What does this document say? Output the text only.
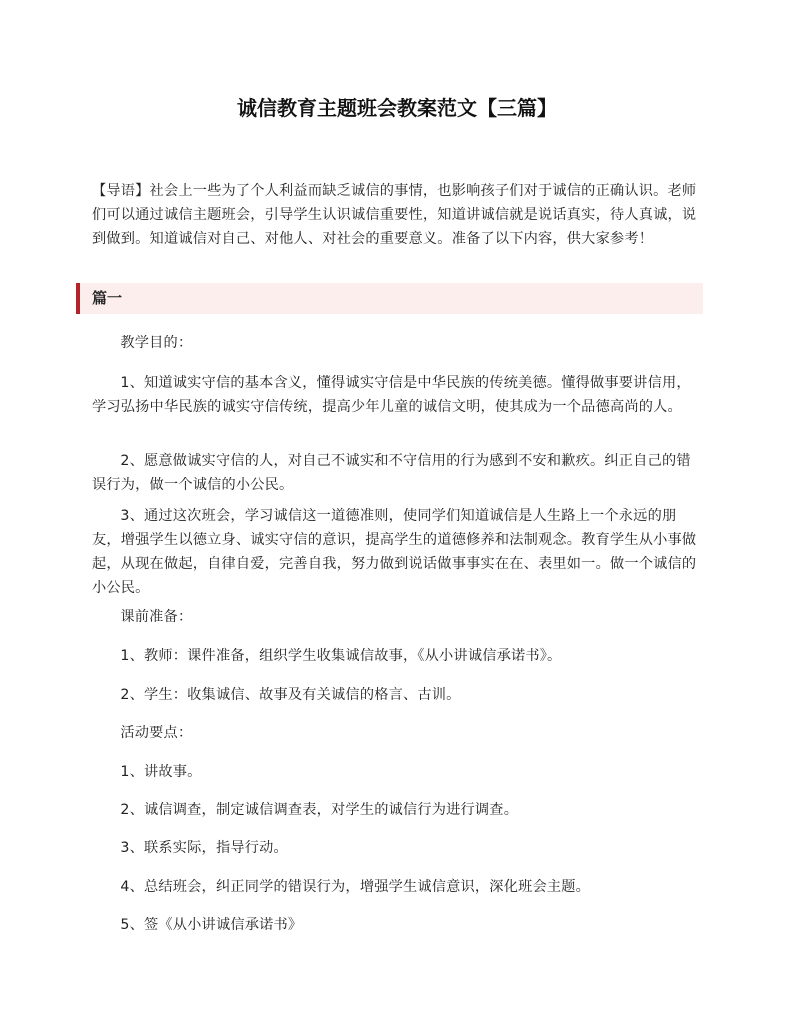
诚信教育主题班会教案范文【三篇】
【导语】社会上一些为了个人利益而缺乏诚信的事情，也影响孩子们对于诚信的正确认识。老师们可以通过诚信主题班会，引导学生认识诚信重要性，知道讲诚信就是说话真实，待人真诚，说到做到。知道诚信对自己、对他人、对社会的重要意义。准备了以下内容，供大家参考！
篇一

教学目的：

1、知道诚实守信的基本含义，懂得诚实守信是中华民族的传统美德。懂得做事要讲信用，学习弘扬中华民族的诚实守信传统，提高少年儿童的诚信文明，使其成为一个品德高尚的人。

2、愿意做诚实守信的人，对自己不诚实和不守信用的行为感到不安和歉疚。纠正自己的错误行为，做一个诚信的小公民。

3、通过这次班会，学习诚信这一道德准则，使同学们知道诚信是人生路上一个永远的朋友，增强学生以德立身、诚实守信的意识，提高学生的道德修养和法制观念。教育学生从小事做起，从现在做起，自律自爱，完善自我，努力做到说话做事事实在在、表里如一。做一个诚信的小公民。

课前准备：

1、教师：课件准备，组织学生收集诚信故事，《从小讲诚信承诺书》。

2、学生：收集诚信、故事及有关诚信的格言、古训。

活动要点：

1、讲故事。

2、诚信调查，制定诚信调查表，对学生的诚信行为进行调查。

3、联系实际，指导行动。

4、总结班会，纠正同学的错误行为，增强学生诚信意识，深化班会主题。

5、签《从小讲诚信承诺书》
